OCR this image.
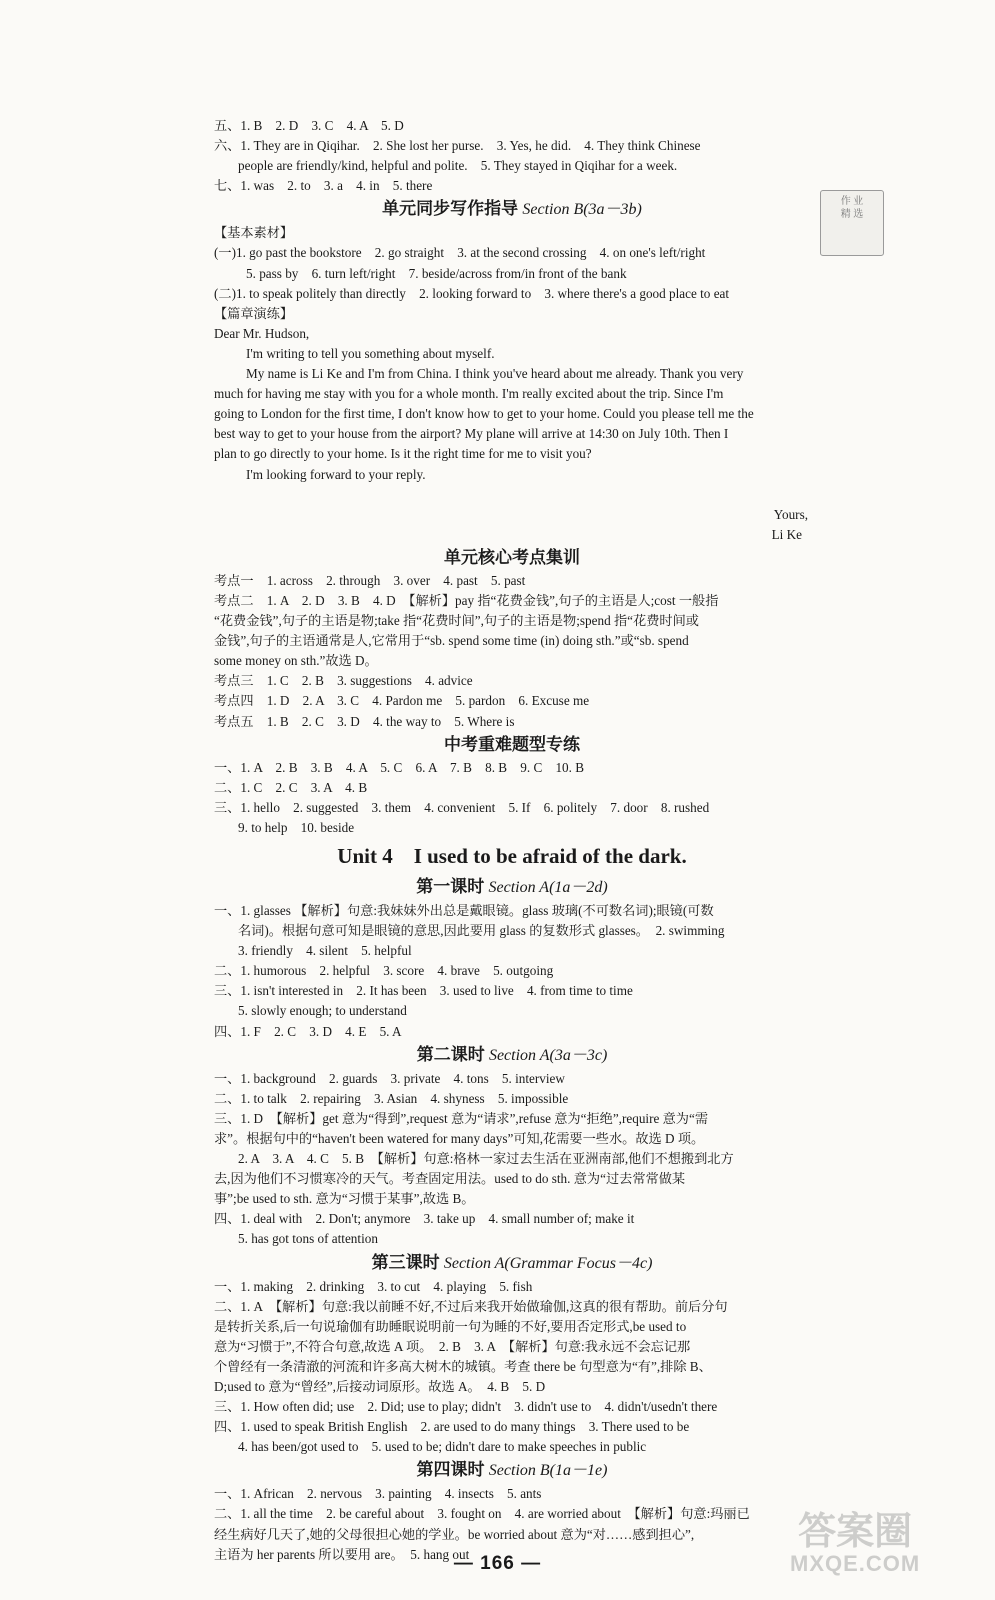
五、1. B　2. D　3. C　4. A　5. D
六、1. They are in Qiqihar.　2. She lost her purse.　3. Yes, he did.　4. They think Chinese
people are friendly/kind, helpful and polite.　5. They stayed in Qiqihar for a week.
七、1. was　2. to　3. a　4. in　5. there
单元同步写作指导 Section B(3a－3b)
【基本素材】
(一)1. go past the bookstore　2. go straight　3. at the second crossing　4. on one's left/right
5. pass by　6. turn left/right　7. beside/across from/in front of the bank
(二)1. to speak politely than directly　2. looking forward to　3. where there's a good place to eat
【篇章演练】
Dear Mr. Hudson,
I'm writing to tell you something about myself.
My name is Li Ke and I'm from China. I think you've heard about me already. Thank you very
much for having me stay with you for a whole month. I'm really excited about the trip. Since I'm
going to London for the first time, I don't know how to get to your home. Could you please tell me the
best way to get to your house from the airport? My plane will arrive at 14:30 on July 10th. Then I
plan to go directly to your home. Is it the right time for me to visit you?
I'm looking forward to your reply.

Yours,
Li Ke
单元核心考点集训
考点一　1. across　2. through　3. over　4. past　5. past
考点二　1. A　2. D　3. B　4. D　【解析】pay 指“花费金钱”,句子的主语是人;cost 一般指
“花费金钱”,句子的主语是物;take 指“花费时间”,句子的主语是物;spend 指“花费时间或
金钱”,句子的主语通常是人,它常用于“sb. spend some time (in) doing sth.”或“sb. spend
some money on sth.”故选 D。
考点三　1. C　2. B　3. suggestions　4. advice
考点四　1. D　2. A　3. C　4. Pardon me　5. pardon　6. Excuse me
考点五　1. B　2. C　3. D　4. the way to　5. Where is
中考重难题型专练
一、1. A　2. B　3. B　4. A　5. C　6. A　7. B　8. B　9. C　10. B
二、1. C　2. C　3. A　4. B
三、1. hello　2. suggested　3. them　4. convenient　5. If　6. politely　7. door　8. rushed
9. to help　10. beside
Unit 4　I used to be afraid of the dark.
第一课时 Section A(1a－2d)
一、1. glasses 【解析】句意:我妹妹外出总是戴眼镜。glass 玻璃(不可数名词);眼镜(可数
名词)。根据句意可知是眼镜的意思,因此要用 glass 的复数形式 glasses。　2. swimming
3. friendly　4. silent　5. helpful
二、1. humorous　2. helpful　3. score　4. brave　5. outgoing
三、1. isn't interested in　2. It has been　3. used to live　4. from time to time
5. slowly enough; to understand
四、1. F　2. C　3. D　4. E　5. A
第二课时 Section A(3a－3c)
一、1. background　2. guards　3. private　4. tons　5. interview
二、1. to talk　2. repairing　3. Asian　4. shyness　5. impossible
三、1. D　【解析】get 意为“得到”,request 意为“请求”,refuse 意为“拒绝”,require 意为“需
求”。根据句中的“haven't been watered for many days”可知,花需要一些水。故选 D 项。
2. A　3. A　4. C　5. B　【解析】句意:格林一家过去生活在亚洲南部,他们不想搬到北方
去,因为他们不习惯寒冷的天气。考查固定用法。used to do sth. 意为“过去常常做某
事”;be used to sth. 意为“习惯于某事”,故选 B。
四、1. deal with　2. Don't; anymore　3. take up　4. small number of; make it
5. has got tons of attention
第三课时 Section A(Grammar Focus－4c)
一、1. making　2. drinking　3. to cut　4. playing　5. fish
二、1. A　【解析】句意:我以前睡不好,不过后来我开始做瑜伽,这真的很有帮助。前后分句
是转折关系,后一句说瑜伽有助睡眠说明前一句为睡的不好,要用否定形式,be used to
意为“习惯于”,不符合句意,故选 A 项。　2. B　3. A　【解析】句意:我永远不会忘记那
个曾经有一条清澈的河流和许多高大树木的城镇。考查 there be 句型意为“有”,排除 B、
D;used to 意为“曾经”,后接动词原形。故选 A。　4. B　5. D
三、1. How often did; use　2. Did; use to play; didn't　3. didn't use to　4. didn't/usedn't there
四、1. used to speak British English　2. are used to do many things　3. There used to be
4. has been/got used to　5. used to be; didn't dare to make speeches in public
第四课时 Section B(1a－1e)
一、1. African　2. nervous　3. painting　4. insects　5. ants
二、1. all the time　2. be careful about　3. fought on　4. are worried about　【解析】句意:玛丽已
经生病好几天了,她的父母很担心她的学业。be worried about 意为“对……感到担心”,
主语为 her parents 所以要用 are。　5. hang out
作 业
精 选
— 166 —
答案圈
MXQE.COM
